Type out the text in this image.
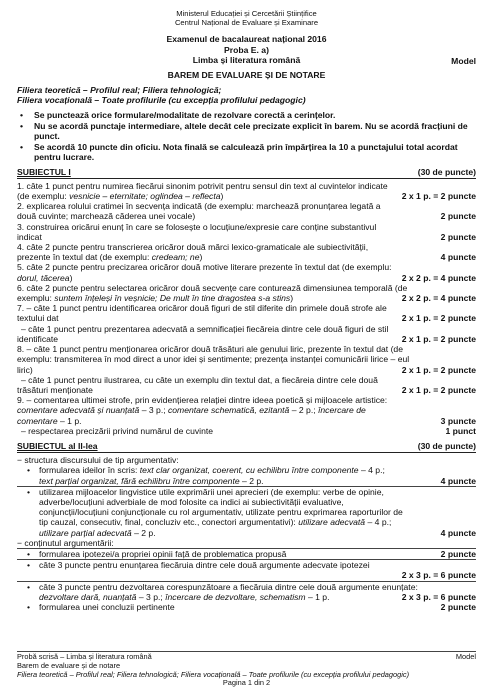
Ministerul Educației și Cercetării Științifice
Centrul Național de Evaluare și Examinare
Examenul de bacalaureat național 2016
Proba E. a)
Limba și literatura română	Model
BAREM DE EVALUARE ȘI DE NOTARE
Filiera teoretică – Profilul real; Filiera tehnologică;
Filiera vocațională – Toate profilurile (cu excepția profilului pedagogic)
• Se punctează orice formulare/modalitate de rezolvare corectă a cerințelor.
• Nu se acordă punctaje intermediare, altele decât cele precizate explicit în barem. Nu se acordă fracțiuni de punct.
• Se acordă 10 puncte din oficiu. Nota finală se calculează prin împărțirea la 10 a punctajului total acordat pentru lucrare.
SUBIECTUL I	(30 de puncte)
1. câte 1 punct pentru numirea fiecărui sinonim potrivit pentru sensul din text al cuvintelor indicate
(de exemplu: vesnicie – eternitate; oglindea – reflecta)	2 x 1 p. = 2 puncte
2. explicarea rolului cratimei în secvența indicată (de exemplu: marchează pronunțarea legată a
două cuvinte; marchează căderea unei vocale)	2 puncte
3. construirea oricărui enunț în care se folosește o locuțiune/expresie care conține substantivul
indicat	2 puncte
4. câte 2 puncte pentru transcrierea oricăror două mărci lexico-gramaticale ale subiectivității,
prezente în textul dat (de exemplu: credeam; ne)	4 puncte
5. câte 2 puncte pentru precizarea oricăror două motive literare prezente în textul dat (de exemplu:
dorul, tăcerea)	2 x 2 p. = 4 puncte
6. câte 2 puncte pentru selectarea oricăror două secvențe care conturează dimensiunea temporală (de
exemplu: suntem înțeleși în veșnicie; De mult în tine dragostea s-a stins)	2 x 2 p. = 4 puncte
7. – câte 1 punct pentru identificarea oricăror două figuri de stil diferite din primele două strofe ale
textului dat	2 x 1 p. = 2 puncte
– câte 1 punct pentru prezentarea adecvată a semnificației fiecăreia dintre cele două figuri de stil
identificate	2 x 1 p. = 2 puncte
8. – câte 1 punct pentru menționarea oricăror două trăsături ale genului liric, prezente în textul dat (de
exemplu: transmiterea în mod direct a unor idei și sentimente; prezența instanței comunicării lirice – eul
liric)	2 x 1 p. = 2 puncte
– câte 1 punct pentru ilustrarea, cu câte un exemplu din textul dat, a fiecăreia dintre cele două
trăsături menționate	2 x 1 p. = 2 puncte
9. – comentarea ultimei strofe, prin evidențierea relației dintre ideea poetică și mijloacele artistice:
comentare adecvată și nuanțată – 3 p.; comentare schematică, ezitantă – 2 p.; încercare de
comentare – 1 p.	3 puncte
– respectarea precizării privind numărul de cuvinte	1 punct
SUBIECTUL al II-lea	(30 de puncte)
− structura discursului de tip argumentativ:
• formularea ideilor în scris: text clar organizat, coerent, cu echilibru între componente – 4 p.;
text parțial organizat, fără echilibru între componente – 2 p.	4 puncte
• utilizarea mijloacelor lingvistice utile exprimării unei aprecieri (de exemplu: verbe de opinie,
adverbe/locuțiuni adverbiale de mod folosite ca indici ai subiectivității evaluative,
conjuncții/locuțiuni conjuncționale cu rol argumentativ, utilizate pentru exprimarea raporturilor de
tip cauzal, consecutiv, final, concluziv etc., conectori argumentativi): utilizare adecvată – 4 p.;
utilizare parțial adecvată – 2 p.	4 puncte
− conținutul argumentării:
• formularea ipotezei/a propriei opinii față de problematica propusă	2 puncte
• câte 3 puncte pentru enunțarea fiecăruia dintre cele două argumente adecvate ipotezei
2 x 3 p. = 6 puncte
• câte 3 puncte pentru dezvoltarea corespunzătoare a fiecăruia dintre cele două argumente enunțate:
dezvoltare dară, nuanțată – 3 p.; încercare de dezvoltare, schematism – 1 p.	2 x 3 p. = 6 puncte
• formularea unei concluzii pertinente	2 puncte
Probă scrisă – Limba și literatura română	Model
Barem de evaluare și de notare
Filiera teoretică – Profilul real; Filiera tehnologică; Filiera vocațională – Toate profilurile (cu excepția profilului pedagogic)
Pagina 1 din 2
